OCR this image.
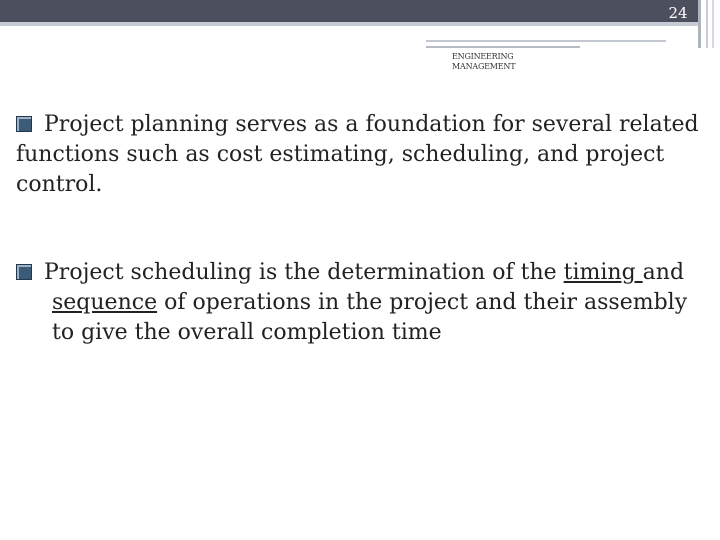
24
ENGINEERING MANAGEMENT
Project planning serves as a foundation for several related functions such as cost estimating, scheduling, and project control.
Project scheduling is the determination of the timing and sequence of operations in the project and their assembly to give the overall completion time
